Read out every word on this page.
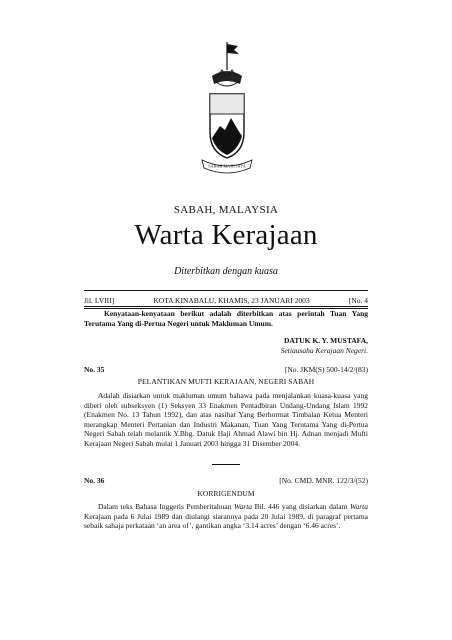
SABAH MAJU JAYA
SABAH, MALAYSIA
Warta Kerajaan
Diterbitkan dengan kuasa
Jil. LVIII]	KOTA KINABALU, KHAMIS, 23 JANUARI 2003	[No. 4
Kenyataan-kenyataan berikut adalah diterbitkan atas perintah Tuan Yang Terutama Yang di-Pertua Negeri untuk Makluman Umum.
DATUK K. Y. MUSTAFA,
Setiausaha Kerajaan Negeri.
No. 35	[No. JKM(S) 500-14/2/(83)
PELANTIKAN MUFTI KERAJAAN, NEGERI SABAH
Adalah disiarkan untuk makluman umum bahawa pada menjalankan kuasa-kuasa yang diberi oleh subseksyen (1) Seksyen 33 Enakmen Pentadbiran Undang-Undang Islam 1992 (Enakmen No. 13 Tahun 1992), dan atas nasihat Yang Berhormat Timbalan Ketua Menteri merangkap Menteri Pertanian dan Industri Makanan, Tuan Yang Terutama Yang di-Pertua Negeri Sabah telah melantik Y.Bhg. Datuk Haji Ahmad Alawi bin Hj. Adnan menjadi Mufti Kerajaan Negeri Sabah mulai 1 Januari 2003 hingga 31 Disember 2004.
No. 36	[No. CMD. MNR. 122/3/(52)
KORRIGENDUM
Dalam teks Bahasa Inggeris Pemberitahuan Warta Bil. 446 yang disiarkan dalam Warta Kerajaan pada 6 Julai 1989 dan diulangi siarannya pada 20 Julai 1989, di paragraf pertama sebaik sahaja perkataan ‘an area of’, gantikan angka ‘3.14 acres’ dengan ‘6.46 acres’.
